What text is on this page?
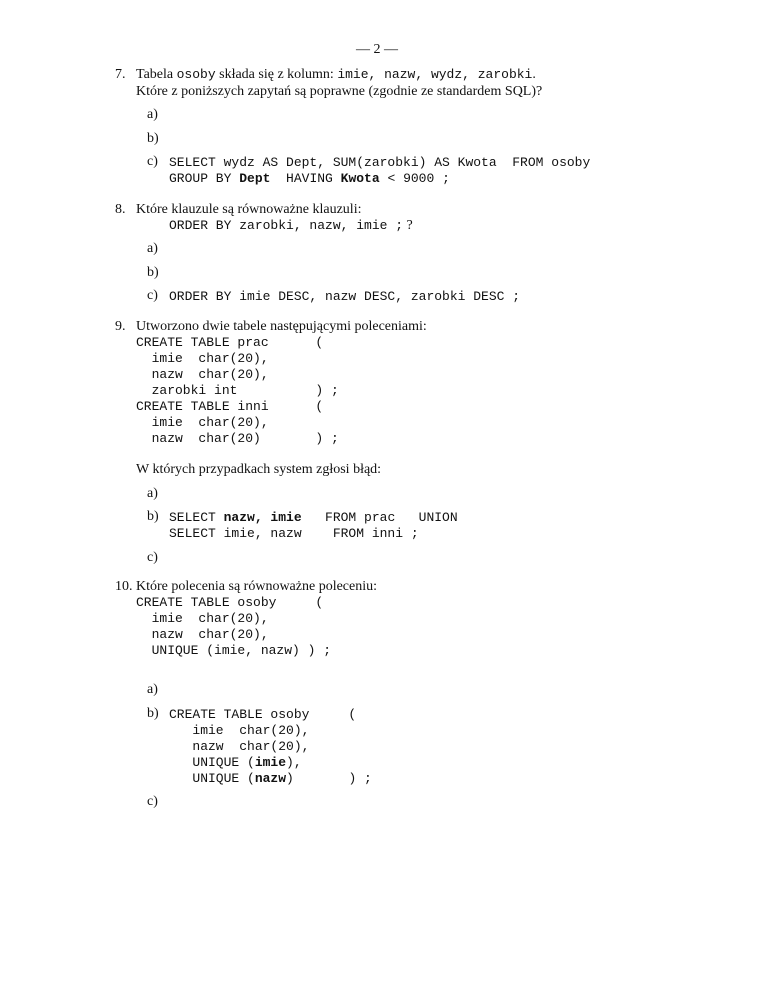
— 2 —
7. Tabela osoby składa się z kolumn: imie, nazw, wydz, zarobki.
Które z poniższych zapytań są poprawne (zgodnie ze standardem SQL)?
a)
b)
c) SELECT wydz AS Dept, SUM(zarobki) AS Kwota  FROM osoby
GROUP BY Dept  HAVING Kwota < 9000 ;
8. Które klauzule są równoważne klauzuli:
ORDER BY zarobki, nazw, imie ; ?
a)
b)
c) ORDER BY imie DESC, nazw DESC, zarobki DESC ;
9. Utworzono dwie tabele następującymi poleceniami:
CREATE TABLE prac      (
imie  char(20),
nazw  char(20),
zarobki int          ) ;
CREATE TABLE inni      (
imie  char(20),
nazw  char(20)       ) ;
W których przypadkach system zgłosi błąd:
a)
b) SELECT nazw, imie   FROM prac   UNION
SELECT imie, nazw    FROM inni ;
c)
10. Które polecenia są równoważne poleceniu:
CREATE TABLE osoby     (
imie  char(20),
nazw  char(20),
UNIQUE (imie, nazw) ) ;
a)
b) CREATE TABLE osoby     (
imie  char(20),
nazw  char(20),
UNIQUE (imie),
UNIQUE (nazw)       ) ;
c)
